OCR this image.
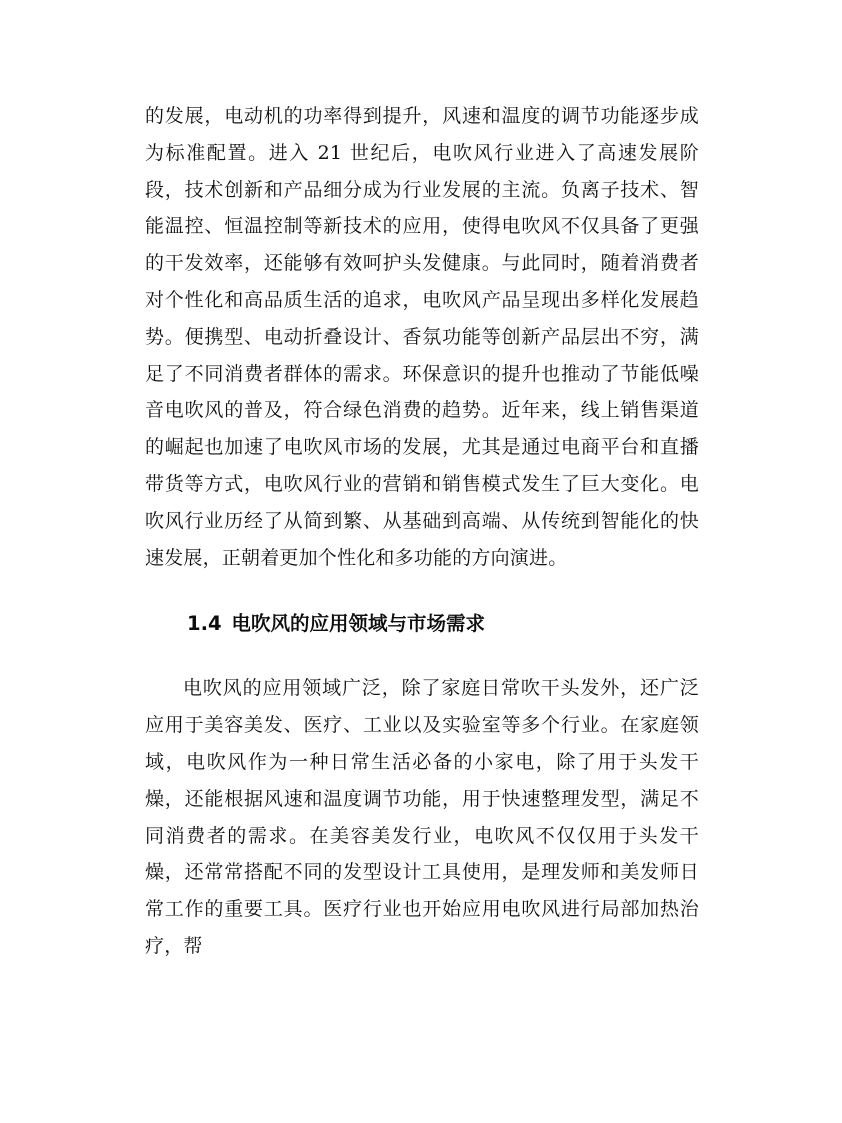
的发展，电动机的功率得到提升，风速和温度的调节功能逐步成为标准配置。进入 21 世纪后，电吹风行业进入了高速发展阶段，技术创新和产品细分成为行业发展的主流。负离子技术、智能温控、恒温控制等新技术的应用，使得电吹风不仅具备了更强的干发效率，还能够有效呵护头发健康。与此同时，随着消费者对个性化和高品质生活的追求，电吹风产品呈现出多样化发展趋势。便携型、电动折叠设计、香氛功能等创新产品层出不穷，满足了不同消费者群体的需求。环保意识的提升也推动了节能低噪音电吹风的普及，符合绿色消费的趋势。近年来，线上销售渠道的崛起也加速了电吹风市场的发展，尤其是通过电商平台和直播带货等方式，电吹风行业的营销和销售模式发生了巨大变化。电吹风行业历经了从简到繁、从基础到高端、从传统到智能化的快速发展，正朝着更加个性化和多功能的方向演进。

1.4 电吹风的应用领域与市场需求

电吹风的应用领域广泛，除了家庭日常吹干头发外，还广泛应用于美容美发、医疗、工业以及实验室等多个行业。在家庭领域，电吹风作为一种日常生活必备的小家电，除了用于头发干燥，还能根据风速和温度调节功能，用于快速整理发型，满足不同消费者的需求。在美容美发行业，电吹风不仅仅用于头发干燥，还常常搭配不同的发型设计工具使用，是理发师和美发师日常工作的重要工具。医疗行业也开始应用电吹风进行局部加热治疗，帮
